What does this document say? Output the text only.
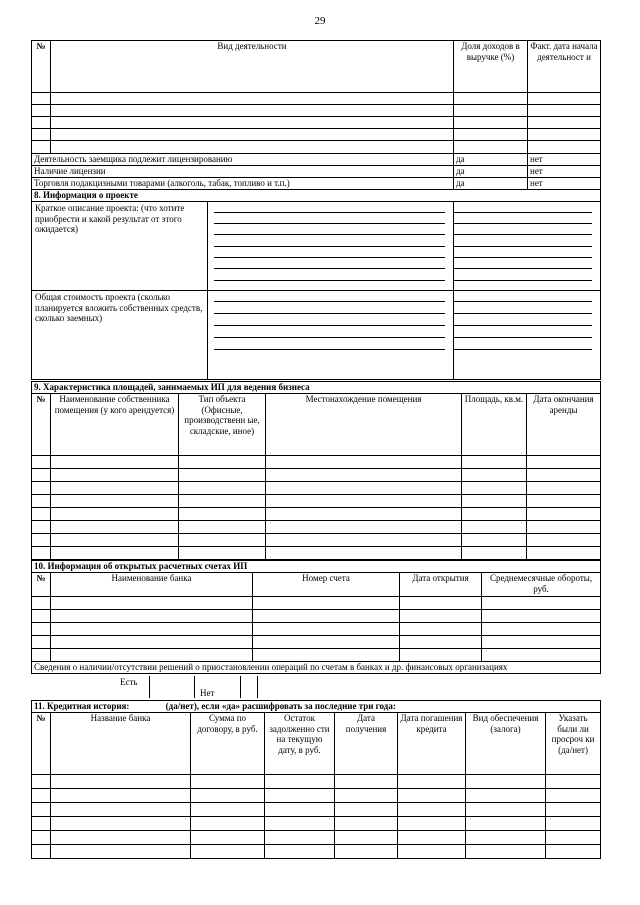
29
№	Вид деятельности	Доля доходов в выручке (%)	Факт. дата начала деятельност и

Деятельность заемщика подлежит лицензированию		да	нет
Наличие лицензии		да	нет
Торговля подакцизными товарами (алкоголь, табак, топливо и т.п.)		да	нет
8. Информация о проекте			

Краткое описание проекта: (что хотите приобрести и какой результат от этого ожидается)			

Общая стоимость проекта (сколько планируется вложить собственных средств, сколько заемных)			

9. Характеристика площадей, занимаемых ИП для ведения бизнеса					
№	Наименование собственника помещения (у кого арендуется)	Тип объекта (Офисные, производственн ые, складские, иное)	Местонахождение помещения	Площадь, кв.м.	Дата окончания аренды

10. Информация об открытых расчетных счетах ИП				
№	Наименование банка	Номер счета	Дата открытия	Среднемесячные обороты, руб.

Сведения о наличии/отсутствии решений о приостановлении операций по счетам в банках и др. финансовых организациях				
Есть
Нет
11. Кредитная история: (да/нет), если «да» расшифровать за последние три года:							
№	Название банка	Сумма по договору, в руб.	Остаток задолженно сти на текущую дату, в руб.	Дата получения	Дата погашения кредита	Вид обеспечения (залога)	Указать были ли просроч ки (да/нет)
